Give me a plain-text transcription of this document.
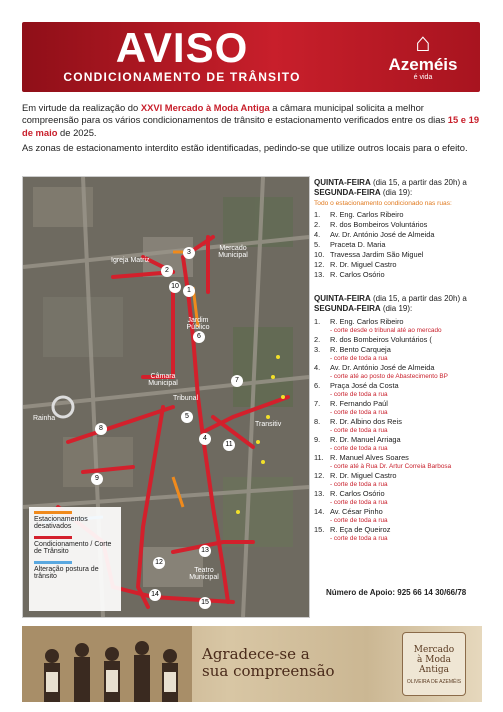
AVISO
CONDICIONAMENTO DE TRÂNSITO
⌂
Azeméis
é vida

Em virtude da realização do XXVI Mercado à Moda Antiga a câmara municipal solicita a melhor compreensão para os vários condicionamentos de trânsito e estacionamento verificados entre os dias 15 e 19 de maio de 2025.

As zonas de estacionamento interdito estão identificadas, pedindo-se que utilize outros locais para o efeito.

Igreja Matriz
Mercado Municipal
Jardim Público
Câmara Municipal
Tribunal
Rainha
Transitiv
Teatro Municipal
3
2
10
1
6
7
5
4
11
8
9
12
13
14
15
Estacionamentos desativados
Condicionamento / Corte de Trânsito
Alteração postura de trânsito
QUINTA-FEIRA (dia 15, a partir das 20h) a SEGUNDA-FEIRA (dia 19):
Todo o estacionamento condicionado nas ruas:
1. R. Eng. Carlos Ribeiro
2. R. dos Bombeiros Voluntários
4. Av. Dr. António José de Almeida
5. Praceta D. Maria
10. Travessa Jardim São Miguel
12. R. Dr. Miguel Castro
13. R. Carlos Osório
QUINTA-FEIRA (dia 15, a partir das 20h) a SEGUNDA-FEIRA (dia 19):
1. R. Eng. Carlos Ribeiro
- corte desde o tribunal até ao mercado
2. R. dos Bombeiros Voluntários (
3. R. Bento Carqueja
- corte de toda a rua
4. Av. Dr. António José de Almeida
- corte até ao posto de Abastecimento BP
6. Praça José da Costa
- corte de toda a rua
7. R. Fernando Paúl
- corte de toda a rua
8. R. Dr. Albino dos Reis
- corte de toda a rua
9. R. Dr. Manuel Arriaga
- corte de toda a rua
11. R. Manuel Alves Soares
- corte até à Rua Dr. Artur Correia Barbosa
12. R. Dr. Miguel Castro
- corte de toda a rua
13. R. Carlos Osório
- corte de toda a rua
14. Av. César Pinho
- corte de toda a rua
15. R. Eça de Queiroz
- corte de toda a rua
Número de Apoio: 925 66 14 30/66/78
Agradece-se a
sua compreensão
Mercado
à Moda Antiga
OLIVEIRA DE AZEMÉIS
